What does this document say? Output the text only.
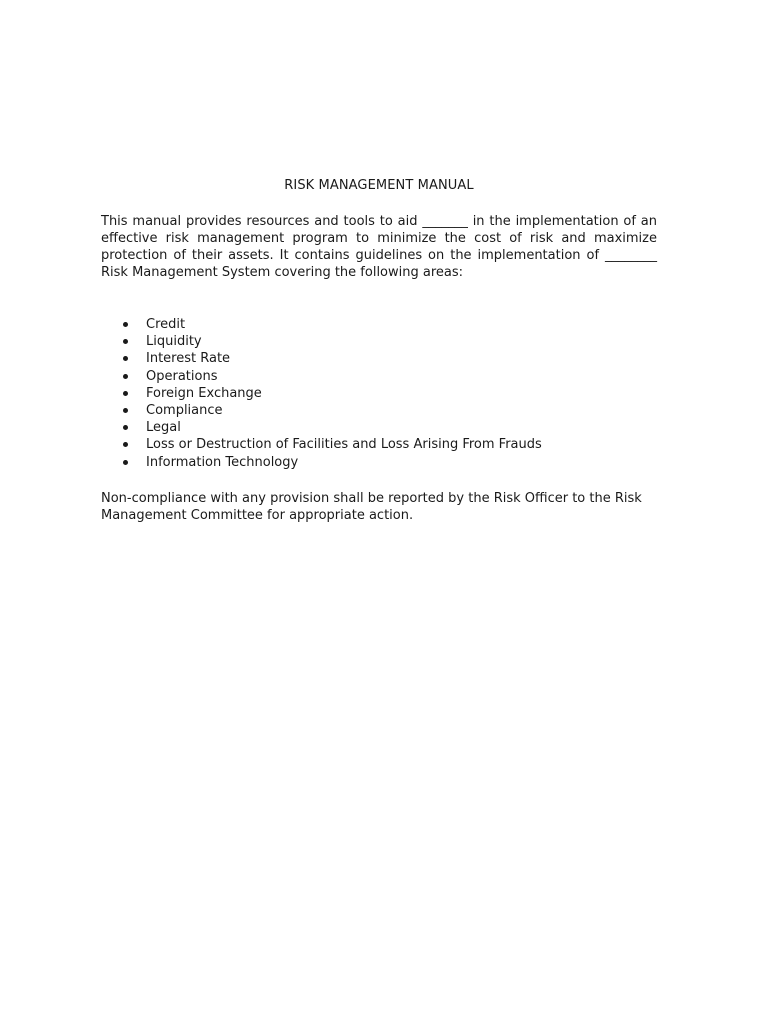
RISK MANAGEMENT MANUAL

This manual provides resources and tools to aid _______ in the implementation of an effective risk management program to minimize the cost of risk and maximize protection of their assets. It contains guidelines on the implementation of ________ Risk Management System covering the following areas:

Credit
Liquidity
Interest Rate
Operations
Foreign Exchange
Compliance
Legal
Loss or Destruction of Facilities and Loss Arising From Frauds
Information Technology

Non-compliance with any provision shall be reported by the Risk Officer to the Risk Management Committee for appropriate action.
